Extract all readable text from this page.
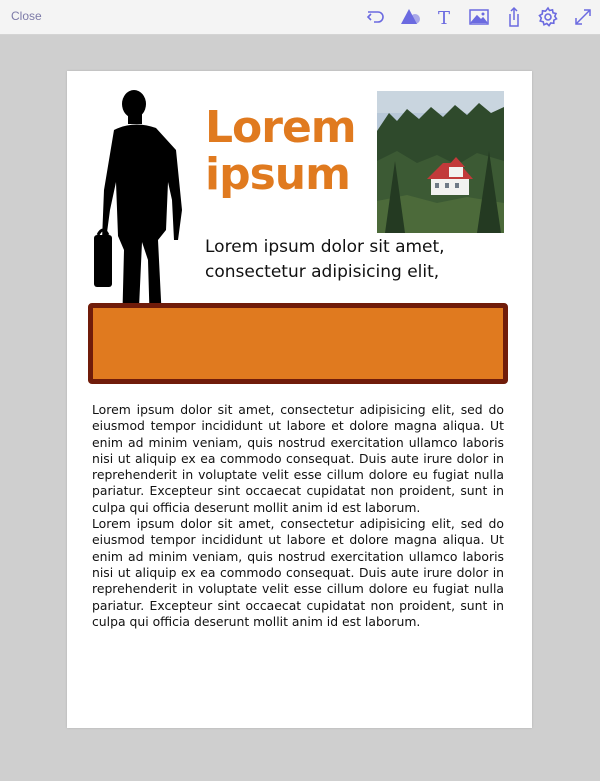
Close	T
Lorem
ipsum
Lorem ipsum dolor sit amet, consectetur adipisicing elit,

Lorem ipsum dolor sit amet, consectetur adipisicing elit, sed do eiusmod tempor incididunt ut labore et dolore magna aliqua. Ut enim ad minim veniam, quis nostrud exercitation ullamco laboris nisi ut aliquip ex ea commodo consequat. Duis aute irure dolor in reprehenderit in voluptate velit esse cillum dolore eu fugiat nulla pariatur. Excepteur sint occaecat cupidatat non proident, sunt in culpa qui officia deserunt mollit anim id est laborum.

Lorem ipsum dolor sit amet, consectetur adipisicing elit, sed do eiusmod tempor incididunt ut labore et dolore magna aliqua. Ut enim ad minim veniam, quis nostrud exercitation ullamco laboris nisi ut aliquip ex ea commodo consequat. Duis aute irure dolor in reprehenderit in voluptate velit esse cillum dolore eu fugiat nulla pariatur. Excepteur sint occaecat cupidatat non proident, sunt in culpa qui officia deserunt mollit anim id est laborum.
